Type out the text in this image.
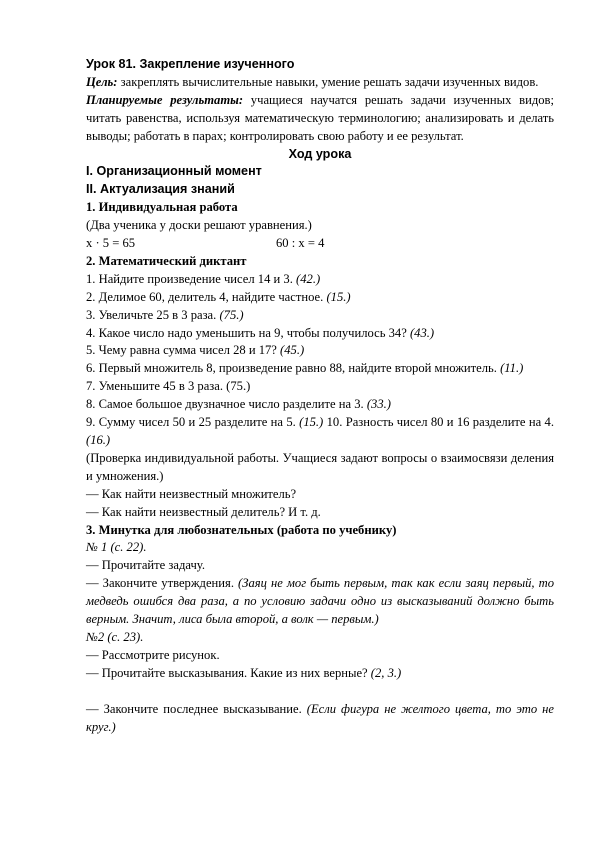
Урок 81. Закрепление изученного

Цель: закреплять вычислительные навыки, умение решать задачи изученных видов.

Планируемые результаты: учащиеся научатся решать задачи изученных видов; читать равенства, используя математическую терминологию; анализировать и делать выводы; работать в парах; контролировать свою работу и ее результат.

Ход урока

I. Организационный момент

II. Актуализация знаний

1. Индивидуальная работа

(Два ученика у доски решают уравнения.)

x · 5 = 65	60 : x = 4

2. Математический диктант

1. Найдите произведение чисел 14 и 3. (42.)

2. Делимое 60, делитель 4, найдите частное. (15.)

3. Увеличьте 25 в 3 раза. (75.)

4. Какое число надо уменьшить на 9, чтобы получилось 34? (43.)

5. Чему равна сумма чисел 28 и 17? (45.)

6. Первый множитель 8, произведение равно 88, найдите второй множитель. (11.)

7. Уменьшите 45 в 3 раза. (75.)

8. Самое большое двузначное число разделите на 3. (33.)

9. Сумму чисел 50 и 25 разделите на 5. (15.) 10. Разность чисел 80 и 16 разделите на 4. (16.)

(Проверка индивидуальной работы. Учащиеся задают вопросы о взаимосвязи деления и умножения.)

— Как найти неизвестный множитель?

— Как найти неизвестный делитель? И т. д.

3. Минутка для любознательных (работа по учебнику)

№ 1 (с. 22).

— Прочитайте задачу.

— Закончите утверждения. (Заяц не мог быть первым, так как если заяц первый, то медведь ошибся два раза, а по условию задачи одно из высказываний должно быть верным. Значит, лиса была второй, а волк — первым.)

№2 (с. 23).

— Рассмотрите рисунок.

— Прочитайте высказывания. Какие из них верные? (2, 3.)

— Закончите последнее высказывание. (Если фигура не желтого цвета, то это не круг.)
